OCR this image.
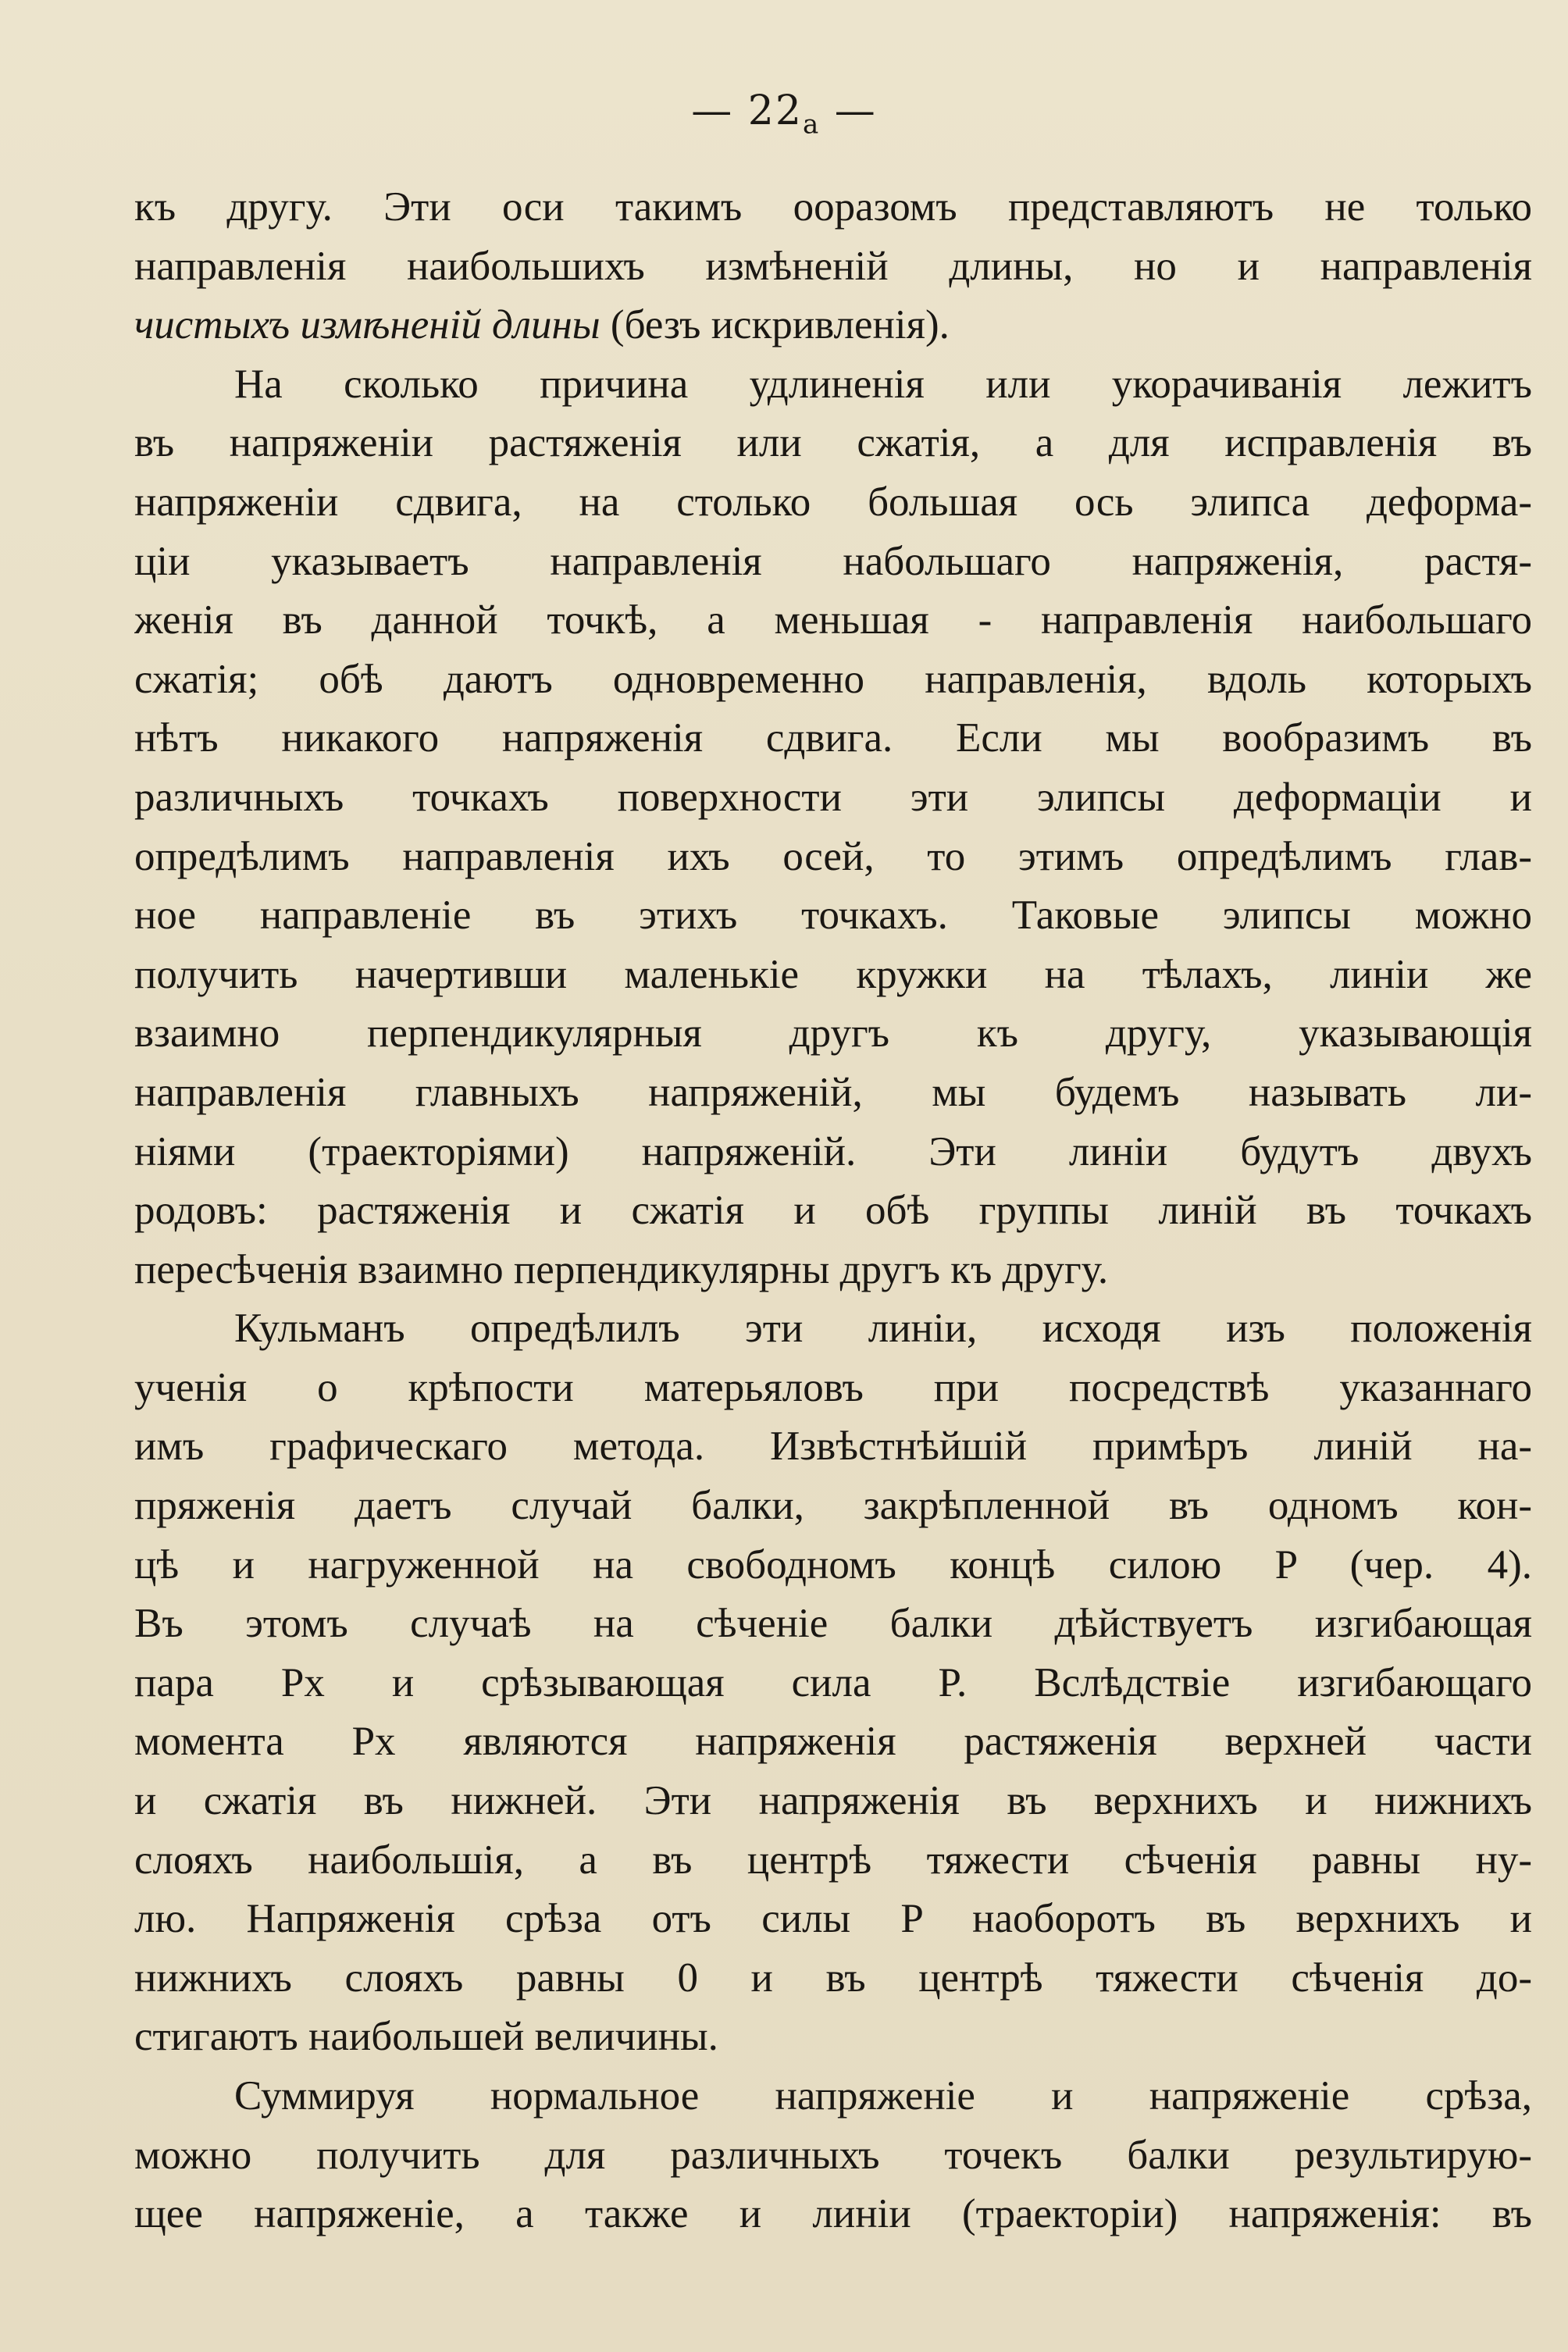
— $22_а$ —
къ другу. Эти оси такимъ ооразомъ представляютъ не только
направленія наибольшихъ измѣненій длины, но и направленія
чистыхъ измѣненій длины (безъ искривленія).
На сколько причина удлиненія или укорачиванія лежитъ
въ напряженіи растяженія или сжатія, а для исправленія въ
напряженіи сдвига, на столько большая ось элипса деформа-
ціи указываетъ направленія набольшаго напряженія, растя-
женія въ данной точкѣ, а меньшая - направленія наибольшаго
сжатія; обѣ даютъ одновременно направленія, вдоль которыхъ
нѣтъ никакого напряженія сдвига. Если мы вообразимъ въ
различныхъ точкахъ поверхности эти элипсы деформаціи и
опредѣлимъ направленія ихъ осей, то этимъ опредѣлимъ глав-
ное направленіе въ этихъ точкахъ. Таковые элипсы можно
получить начертивши маленькіе кружки на тѣлахъ, линіи же
взаимно перпендикулярныя другъ къ другу, указывающія
направленія главныхъ напряженій, мы будемъ называть ли-
ніями (траекторіями) напряженій. Эти линіи будутъ двухъ
родовъ: растяженія и сжатія и обѣ группы линій въ точкахъ
пересѣченія взаимно перпендикулярны другъ къ другу.
Кульманъ опредѣлилъ эти линіи, исходя изъ положенія
ученія о крѣпости матерьяловъ при посредствѣ указаннаго
имъ графическаго метода. Извѣстнѣйшій примѣръ линій на-
пряженія даетъ случай балки, закрѣпленной въ одномъ кон-
цѣ и нагруженной на свободномъ концѣ силою P (чер. 4).
Въ этомъ случаѣ на сѣченіе балки дѣйствуетъ изгибающая
пара Px и срѣзывающая сила P. Вслѣдствіе изгибающаго
момента Px являются напряженія растяженія верхней части
и сжатія въ нижней. Эти напряженія въ верхнихъ и нижнихъ
слояхъ наибольшія, а въ центрѣ тяжести сѣченія равны ну-
лю. Напряженія срѣза отъ силы P наоборотъ въ верхнихъ и
нижнихъ слояхъ равны 0 и въ центрѣ тяжести сѣченія до-
стигаютъ наибольшей величины.
Суммируя нормальное напряженіе и напряженіе срѣза,
можно получить для различныхъ точекъ балки результирую-
щее напряженіе, а также и линіи (траекторіи) напряженія: въ
